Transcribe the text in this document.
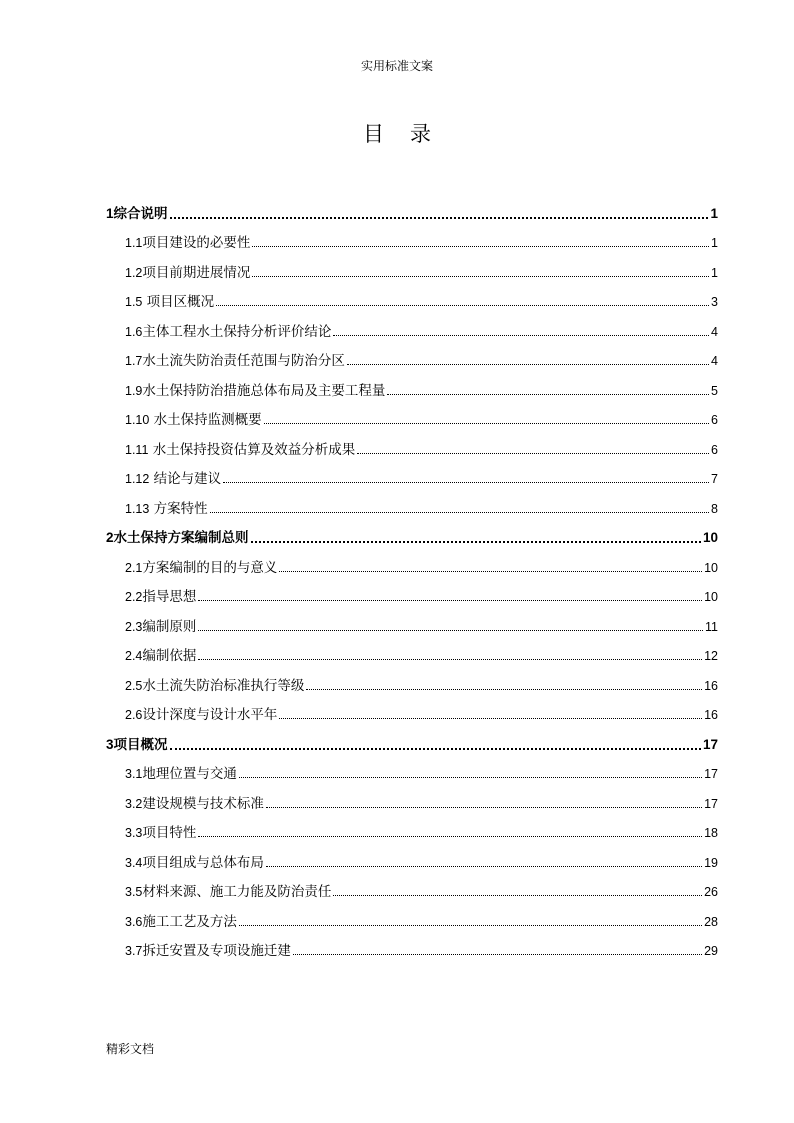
实用标准文案
目录
1综合说明	1
1.1项目建设的必要性	1
1.2项目前期进展情况	1
1.5 项目区概况	3
1.6主体工程水土保持分析评价结论	4
1.7水土流失防治责任范围与防治分区	4
1.9水土保持防治措施总体布局及主要工程量	5
1.10 水土保持监测概要	6
1.11 水土保持投资估算及效益分析成果	6
1.12 结论与建议	7
1.13 方案特性	8
2水土保持方案编制总则	10
2.1方案编制的目的与意义	10
2.2指导思想	10
2.3编制原则	11
2.4编制依据	12
2.5水土流失防治标准执行等级	16
2.6设计深度与设计水平年	16
3项目概况	17
3.1地理位置与交通	17
3.2建设规模与技术标准	17
3.3项目特性	18
3.4项目组成与总体布局	19
3.5材料来源、施工力能及防治责任	26
3.6施工工艺及方法	28
3.7拆迁安置及专项设施迁建	29
精彩文档
